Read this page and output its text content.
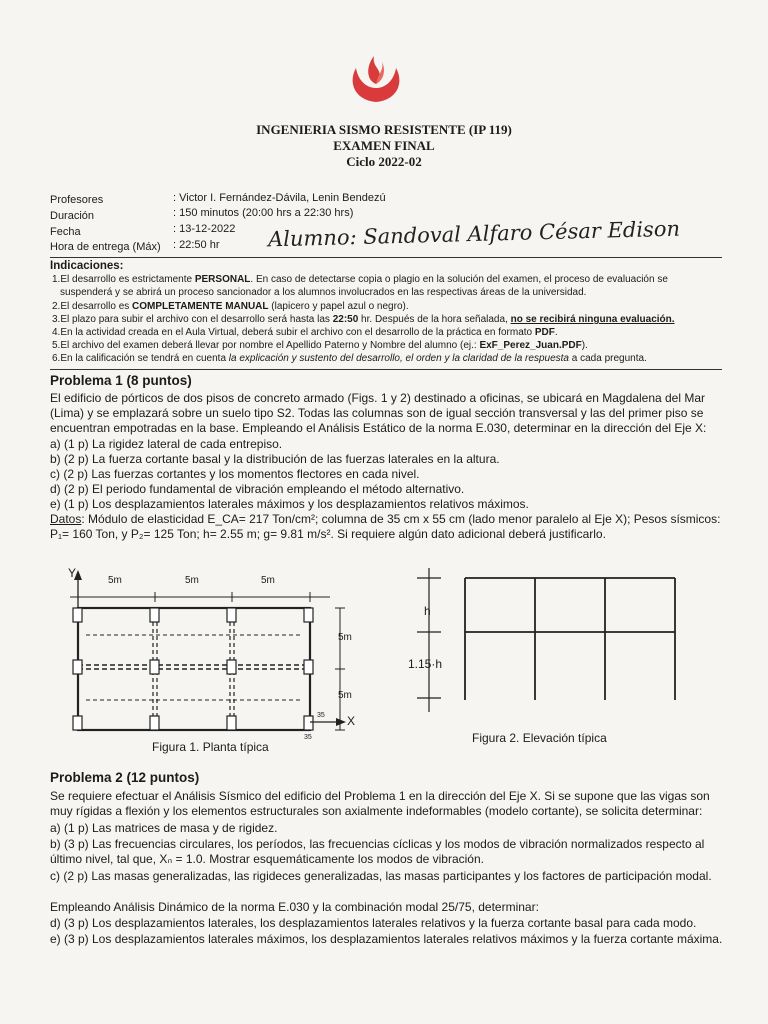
INGENIERIA SISMO RESISTENTE (IP 119)
EXAMEN FINAL
Ciclo 2022-02
Profesores	: Victor I. Fernández-Dávila, Lenin Bendezú
Duración	: 150 minutos (20:00 hrs a 22:30 hrs)
Fecha	: 13-12-2022
Hora de entrega (Máx) : 22:50 hr Alumno: Sandoval Alfaro César Edison
Indicaciones:
1.El desarrollo es estrictamente PERSONAL. En caso de detectarse copia o plagio en la solución del examen, el proceso de evaluación se
suspenderá y se abrirá un proceso sancionador a los alumnos involucrados en las respectivas áreas de la universidad.
2.El desarrollo es COMPLETAMENTE MANUAL (lapicero y papel azul o negro).
3.El plazo para subir el archivo con el desarrollo será hasta las 22:50 hr. Después de la hora señalada, no se recibirá ninguna evaluación.
4.En la actividad creada en el Aula Virtual, deberá subir el archivo con el desarrollo de la práctica en formato PDF.
5.El archivo del examen deberá llevar por nombre el Apellido Paterno y Nombre del alumno (ej.: ExF_Perez_Juan.PDF).
6.En la calificación se tendrá en cuenta la explicación y sustento del desarrollo, el orden y la claridad de la respuesta a cada pregunta.
Problema 1 (8 puntos)
El edificio de pórticos de dos pisos de concreto armado (Figs. 1 y 2) destinado a oficinas, se ubicará en Magdalena del Mar (Lima) y se emplazará sobre un suelo tipo S2. Todas las columnas son de igual sección transversal y las del primer piso se encuentran empotradas en la base. Empleando el Análisis Estático de la norma E.030, determinar en la dirección del Eje X:
a) (1 p) La rigidez lateral de cada entrepiso.
b) (2 p) La fuerza cortante basal y la distribución de las fuerzas laterales en la altura.
c) (2 p) Las fuerzas cortantes y los momentos flectores en cada nivel.
d) (2 p) El periodo fundamental de vibración empleando el método alternativo.
e) (1 p) Los desplazamientos laterales máximos y los desplazamientos relativos máximos.
Datos: Módulo de elasticidad E_CA= 217 Ton/cm²; columna de 35 cm x 55 cm (lado menor paralelo al Eje X); Pesos sísmicos: P₁= 160 Ton, y P₂= 125 Ton; h= 2.55 m; g= 9.81 m/s². Si requiere algún dato adicional deberá justificarlo.
Y
X
5m	5m	5m
5m
5m
35
35
Figura 1. Planta típica
h
1.15·h
Figura 2. Elevación típica
Problema 2 (12 puntos)
Se requiere efectuar el Análisis Sísmico del edificio del Problema 1 en la dirección del Eje X. Si se supone que las vigas son muy rígidas a flexión y los elementos estructurales son axialmente indeformables (modelo cortante), se solicita determinar:
a) (1 p) Las matrices de masa y de rigidez.
b) (3 p) Las frecuencias circulares, los períodos, las frecuencias cíclicas y los modos de vibración normalizados respecto al
último nivel, tal que, Xₙ = 1.0. Mostrar esquemáticamente los modos de vibración.
c) (2 p) Las masas generalizadas, las rigideces generalizadas, las masas participantes y los factores de participación modal.
Empleando Análisis Dinámico de la norma E.030 y la combinación modal 25/75, determinar:
d) (3 p) Los desplazamientos laterales, los desplazamientos laterales relativos y la fuerza cortante basal para cada modo.
e) (3 p) Los desplazamientos laterales máximos, los desplazamientos laterales relativos máximos y la fuerza cortante máxima.
